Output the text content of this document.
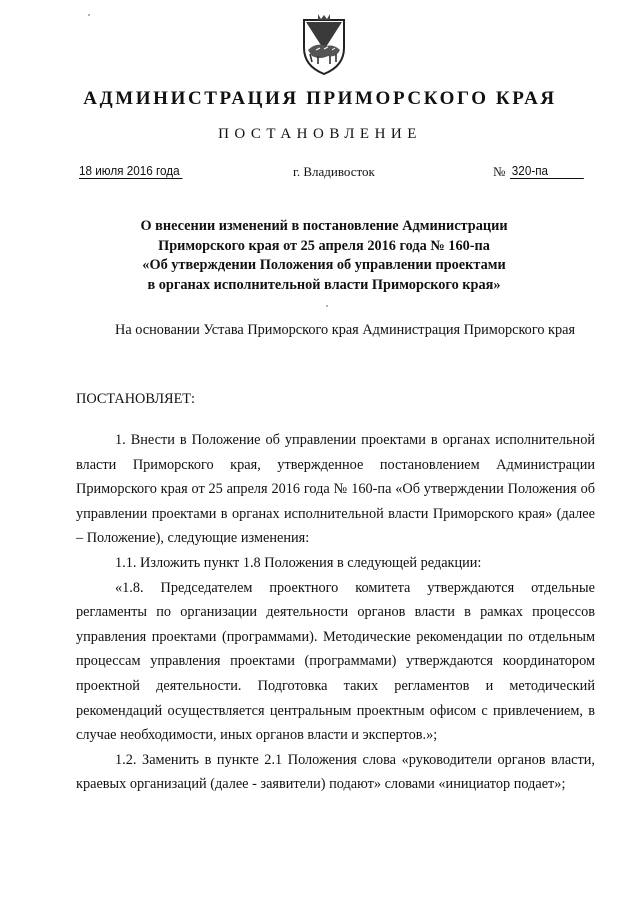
АДМИНИСТРАЦИЯ ПРИМОРСКОГО КРАЯ
ПОСТАНОВЛЕНИЕ
18 июля 2016 года	г. Владивосток	№ 320-па
О внесении изменений в постановление Администрации
Приморского края от 25 апреля 2016 года № 160-па
«Об утверждении Положения об управлении проектами
в органах исполнительной власти Приморского края»

На основании Устава Приморского края Администрация Приморского края

ПОСТАНОВЛЯЕТ:

1. Внести в Положение об управлении проектами в органах исполнительной власти Приморского края, утвержденное постановлением Администрации Приморского края от 25 апреля 2016 года № 160-па «Об утверждении Положения об управлении проектами в органах исполнительной власти Приморского края» (далее – Положение), следующие изменения:

1.1. Изложить пункт 1.8 Положения в следующей редакции:

«1.8. Председателем проектного комитета утверждаются отдельные регламенты по организации деятельности органов власти в рамках процессов управления проектами (программами). Методические рекомендации по отдельным процессам управления проектами (программами) утверждаются координатором проектной деятельности. Подготовка таких регламентов и методический рекомендаций осуществляется центральным проектным офисом с привлечением, в случае необходимости, иных органов власти и экспертов.»;

1.2. Заменить в пункте 2.1 Положения слова «руководители органов власти, краевых организаций (далее - заявители) подают» словами «инициатор подает»;
